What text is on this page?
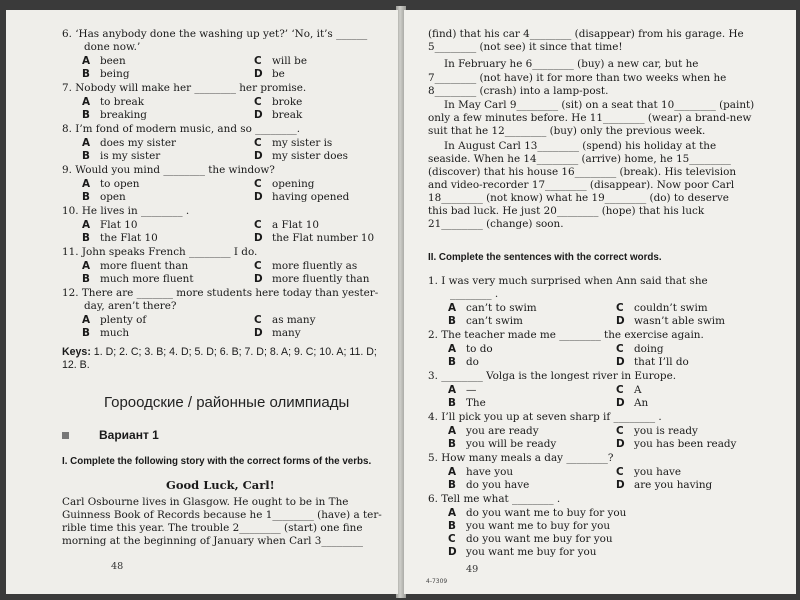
6. ‘Has anybody done the washing up yet?’ ‘No, it’s ______
done now.’
A been	C will be
B being	D be
7. Nobody will make her ________ her promise.
A to break	C broke
B breaking	D break
8. I’m fond of modern music, and so ________.
A does my sister	C my sister is
B is my sister	D my sister does
9. Would you mind ________ the window?
A to open	C opening
B open	D having opened
10. He lives in ________ .
A Flat 10	C a Flat 10
B the Flat 10	D the Flat number 10
11. John speaks French ________ I do.
A more fluent than	C more fluently as
B much more fluent	D more fluently than
12. There are _______ more students here today than yester-
day, aren’t there?
A plenty of	C as many
B much	D many
Keys: 1. D; 2. C; 3. B; 4. D; 5. D; 6. B; 7. D; 8. A; 9. C; 10. A; 11. D;
12. B.
Гороодские / районные олимпиады
Вариант 1
I. Complete the following story with the correct forms of the verbs.
Good Luck, Carl!
Carl Osbourne lives in Glasgow. He ought to be in The
Guinness Book of Records because he 1________ (have) a ter-
rible time this year. The trouble 2________ (start) one fine
morning at the beginning of January when Carl 3________
48
(find) that his car 4________ (disappear) from his garage. He
5________ (not see) it since that time!
In February he 6________ (buy) a new car, but he
7________ (not have) it for more than two weeks when he
8________ (crash) into a lamp-post.
In May Carl 9________ (sit) on a seat that 10________ (paint)
only a few minutes before. He 11________ (wear) a brand-new
suit that he 12________ (buy) only the previous week.
In August Carl 13________ (spend) his holiday at the
seaside. When he 14________ (arrive) home, he 15________
(discover) that his house 16________ (break). His television
and video-recorder 17________ (disappear). Now poor Carl
18________ (not know) what he 19________ (do) to deserve
this bad luck. He just 20________ (hope) that his luck
21________ (change) soon.
II. Complete the sentences with the correct words.
1. I was very much surprised when Ann said that she
________ .
A can’t to swim	C couldn’t swim
B can’t swim	D wasn’t able swim
2. The teacher made me ________ the exercise again.
A to do	C doing
B do	D that I’ll do
3. ________ Volga is the longest river in Europe.
A —	C A
B The	D An
4. I’ll pick you up at seven sharp if ________ .
A you are ready	C you is ready
B you will be ready	D you has been ready
5. How many meals a day ________?
A have you	C you have
B do you have	D are you having
6. Tell me what ________ .
A do you want me to buy for you
B you want me to buy for you
C do you want me buy for you
D you want me buy for you
49
4-7309
